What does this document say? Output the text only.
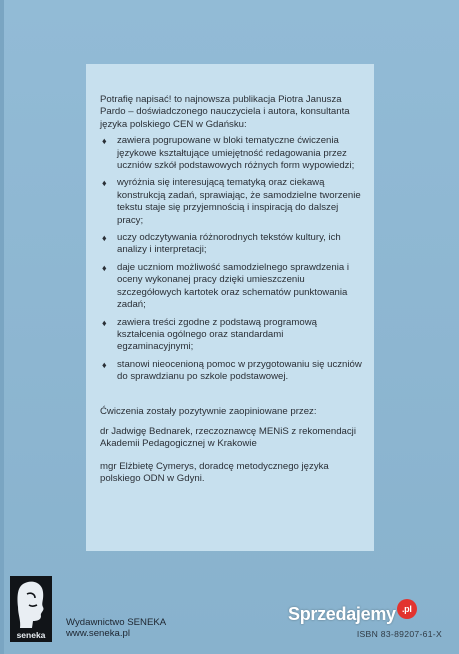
Potrafię napisać! to najnowsza publikacja Piotra Janusza Pardo – doświadczonego nauczyciela i autora, konsultanta języka polskiego CEN w Gdańsku:

♦ zawiera pogrupowane w bloki tematyczne ćwiczenia językowe kształtujące umiejętność redagowania przez uczniów szkół podstawowych różnych form wypowiedzi;
♦ wyróżnia się interesującą tematyką oraz ciekawą konstrukcją zadań, sprawiając, że samodzielne tworzenie tekstu staje się przyjemnością i inspiracją do dalszej pracy;
♦ uczy odczytywania różnorodnych tekstów kultury, ich analizy i interpretacji;
♦ daje uczniom możliwość samodzielnego sprawdzenia i oceny wykonanej pracy dzięki umieszczeniu szczegółowych kartotek oraz schematów punktowania zadań;
♦ zawiera treści zgodne z podstawą programową kształcenia ogólnego oraz standardami egzaminacyjnymi;
♦ stanowi nieocenioną pomoc w przygotowaniu się uczniów do sprawdzianu po szkole podstawowej.

Ćwiczenia zostały pozytywnie zaopiniowane przez:

dr Jadwigę Bednarek, rzeczoznawcę MENiS z rekomendacji Akademii Pedagogicznej w Krakowie

mgr Elżbietę Cymerys, doradcę metodycznego języka polskiego ODN w Gdyni.

seneka
Wydawnictwo SENEKA
www.seneka.pl	ISBN 83-89207-61-X
Sprzedajemy .pl
